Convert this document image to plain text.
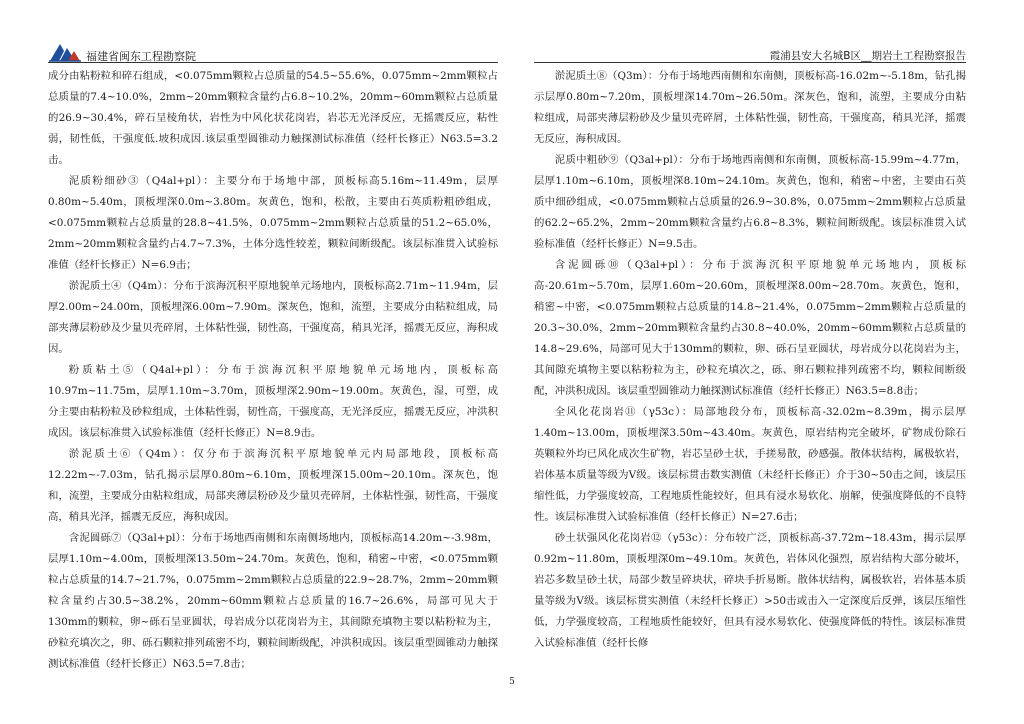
福建省闽东工程勘察院	霞浦县安大名城B区__期岩土工程勘察报告

成分由粘粉粒和碎石组成，<0.075mm颗粒占总质量的54.5~55.6%，0.075mm~2mm颗粒占总质量的7.4~10.0%，2mm~20mm颗粒含量约占6.8~10.2%，20mm~60mm颗粒占总质量的26.9~30.4%，碎石呈棱角状，岩性为中风化状花岗岩，岩芯无光泽反应，无摇震反应，粘性弱，韧性低，干强度低.坡积成因.该层重型圆锥动力触探测试标准值（经杆长修正）N63.5=3.2击。

泥质粉细砂③（Q4al+pl）：主要分布于场地中部，顶板标高5.16m~11.49m，层厚0.80m~5.40m，顶板埋深0.0m~3.80m。灰黄色，饱和，松散，主要由石英质粉粗砂组成，<0.075mm颗粒占总质量的28.8~41.5%，0.075mm~2mm颗粒占总质量的51.2~65.0%，2mm~20mm颗粒含量约占4.7~7.3%，土体分选性较差，颗粒间断级配。该层标准贯入试验标准值（经杆长修正）N=6.9击；

淤泥质土④（Q4m）：分布于滨海沉积平原地貌单元场地内，顶板标高2.71m~11.94m，层厚2.00m~24.00m，顶板埋深6.00m~7.90m。深灰色，饱和，流塑，主要成分由粘粒组成，局部夹薄层粉砂及少量贝壳碎屑，土体粘性强，韧性高，干强度高，稍具光泽，摇震无反应，海积成因。

粉质粘土⑤（Q4al+pl）：分布于滨海沉积平原地貌单元场地内，顶板标高10.97m~11.75m，层厚1.10m~3.70m，顶板埋深2.90m~19.00m。灰黄色，湿，可塑，成分主要由粘粉粒及砂粒组成，土体粘性弱，韧性高，干强度高，无光泽反应，摇震无反应，冲洪积成因。该层标准贯入试验标准值（经杆长修正）N=8.9击。

淤泥质土⑥（Q4m）：仅分布于滨海沉积平原地貌单元内局部地段，顶板标高12.22m~-7.03m，钻孔揭示层厚0.80m~6.10m，顶板埋深15.00m~20.10m。深灰色，饱和，流塑，主要成分由粘粒组成，局部夹薄层粉砂及少量贝壳碎屑，土体粘性强，韧性高，干强度高，稍具光泽，摇震无反应，海积成因。

含泥圆砾⑦（Q3al+pl）：分布于场地西南侧和东南侧场地内，顶板标高14.20m~-3.98m，层厚1.10m~4.00m，顶板埋深13.50m~24.70m。灰黄色，饱和，稍密~中密，<0.075mm颗粒占总质量的14.7~21.7%，0.075mm~2mm颗粒占总质量的22.9~28.7%，2mm~20mm颗粒含量约占30.5~38.2%，20mm~60mm颗粒占总质量的16.7~26.6%，局部可见大于130mm的颗粒，卵~砾石呈亚圆状，母岩成分以花岗岩为主，其间隙充填物主要以粘粉粒为主，砂粒充填次之，卵、砾石颗粒排列疏密不均，颗粒间断级配，冲洪积成因。该层重型圆锥动力触探测试标准值（经杆长修正）N63.5=7.8击；

淤泥质土⑧（Q3m）：分布于场地西南侧和东南侧，顶板标高-16.02m~-5.18m，钻孔揭示层厚0.80m~7.20m，顶板埋深14.70m~26.50m。深灰色，饱和，流塑，主要成分由粘粒组成，局部夹薄层粉砂及少量贝壳碎屑，土体粘性强，韧性高，干强度高，稍具光泽，摇震无反应，海积成因。

泥质中粗砂⑨（Q3al+pl）：分布于场地西南侧和东南侧，顶板标高-15.99m~4.77m，层厚1.10m~6.10m，顶板埋深8.10m~24.10m。灰黄色，饱和，稍密~中密，主要由石英质中细砂组成，<0.075mm颗粒占总质量的26.9~30.8%，0.075mm~2mm颗粒占总质量的62.2~65.2%，2mm~20mm颗粒含量约占6.8~8.3%，颗粒间断级配。该层标准贯入试验标准值（经杆长修正）N=9.5击。

含泥圆砾⑩（Q3al+pl）：分布于滨海沉积平原地貌单元场地内，顶板标高-20.61m~5.70m，层厚1.60m~20.60m，顶板埋深8.00m~28.70m。灰黄色，饱和，稍密~中密，<0.075mm颗粒占总质量的14.8~21.4%，0.075mm~2mm颗粒占总质量的20.3~30.0%，2mm~20mm颗粒含量约占30.8~40.0%，20mm~60mm颗粒占总质量的14.8~29.6%，局部可见大于130mm的颗粒，卵、砾石呈亚圆状，母岩成分以花岗岩为主，其间隙充填物主要以粘粉粒为主，砂粒充填次之，砾、卵石颗粒排列疏密不均，颗粒间断级配，冲洪积成因。该层重型圆锥动力触探测试标准值（经杆长修正）N63.5=8.8击；

全风化花岗岩⑪（γ53c）：局部地段分布，顶板标高-32.02m~8.39m，揭示层厚1.40m~13.00m，顶板埋深3.50m~43.40m。灰黄色，原岩结构完全破坏，矿物成份除石英颗粒外均已风化成次生矿物，岩芯呈砂土状，手搓易散，砂感强。散体状结构，属极软岩，岩体基本质量等级为V级。该层标贯击数实测值（未经杆长修正）介于30~50击之间，该层压缩性低，力学强度较高，工程地质性能较好，但具有浸水易软化、崩解，使强度降低的不良特性。该层标准贯入试验标准值（经杆长修正）N=27.6击；

砂土状强风化花岗岩⑫（γ53c）：分布较广泛，顶板标高-37.72m~18.43m，揭示层厚0.92m~11.80m，顶板埋深0m~49.10m。灰黄色，岩体风化强烈，原岩结构大部分破坏，岩芯多数呈砂土状，局部少数呈碎块状，碎块手折易断。散体状结构，属极软岩，岩体基本质量等级为V级。该层标贯实测值（未经杆长修正）>50击或击入一定深度后反弹，该层压缩性低，力学强度较高，工程地质性能较好，但具有浸水易软化、使强度降低的特性。该层标准贯入试验标准值（经杆长修

5
